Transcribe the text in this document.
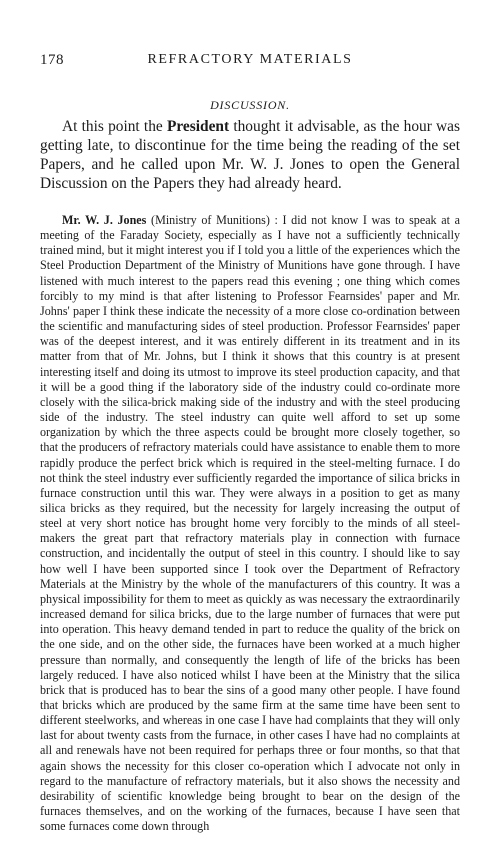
178	REFRACTORY MATERIALS
DISCUSSION.

At this point the President thought it advisable, as the hour was getting late, to discontinue for the time being the reading of the set Papers, and he called upon Mr. W. J. Jones to open the General Discussion on the Papers they had already heard.

Mr. W. J. Jones (Ministry of Munitions) : I did not know I was to speak at a meeting of the Faraday Society, especially as I have not a sufficiently technically trained mind, but it might interest you if I told you a little of the experiences which the Steel Production Department of the Ministry of Munitions have gone through. I have listened with much interest to the papers read this evening ; one thing which comes forcibly to my mind is that after listening to Professor Fearnsides' paper and Mr. Johns' paper I think these indicate the necessity of a more close co-ordination between the scientific and manufacturing sides of steel production. Professor Fearnsides' paper was of the deepest interest, and it was entirely different in its treatment and in its matter from that of Mr. Johns, but I think it shows that this country is at present interesting itself and doing its utmost to improve its steel production capacity, and that it will be a good thing if the laboratory side of the industry could co-ordinate more closely with the silica-brick making side of the industry and with the steel producing side of the industry. The steel industry can quite well afford to set up some organization by which the three aspects could be brought more closely together, so that the producers of refractory materials could have assistance to enable them to more rapidly produce the perfect brick which is required in the steel-melting furnace. I do not think the steel industry ever sufficiently regarded the importance of silica bricks in furnace construction until this war. They were always in a position to get as many silica bricks as they required, but the necessity for largely increasing the output of steel at very short notice has brought home very forcibly to the minds of all steel-makers the great part that refractory materials play in connection with furnace construction, and incidentally the output of steel in this country. I should like to say how well I have been supported since I took over the Department of Refractory Materials at the Ministry by the whole of the manufacturers of this country. It was a physical impossibility for them to meet as quickly as was necessary the extraordinarily increased demand for silica bricks, due to the large number of furnaces that were put into operation. This heavy demand tended in part to reduce the quality of the brick on the one side, and on the other side, the furnaces have been worked at a much higher pressure than normally, and consequently the length of life of the bricks has been largely reduced. I have also noticed whilst I have been at the Ministry that the silica brick that is produced has to bear the sins of a good many other people. I have found that bricks which are produced by the same firm at the same time have been sent to different steelworks, and whereas in one case I have had complaints that they will only last for about twenty casts from the furnace, in other cases I have had no complaints at all and renewals have not been required for perhaps three or four months, so that that again shows the necessity for this closer co-operation which I advocate not only in regard to the manufacture of refractory materials, but it also shows the necessity and desirability of scientific knowledge being brought to bear on the design of the furnaces themselves, and on the working of the furnaces, because I have seen that some furnaces come down through
